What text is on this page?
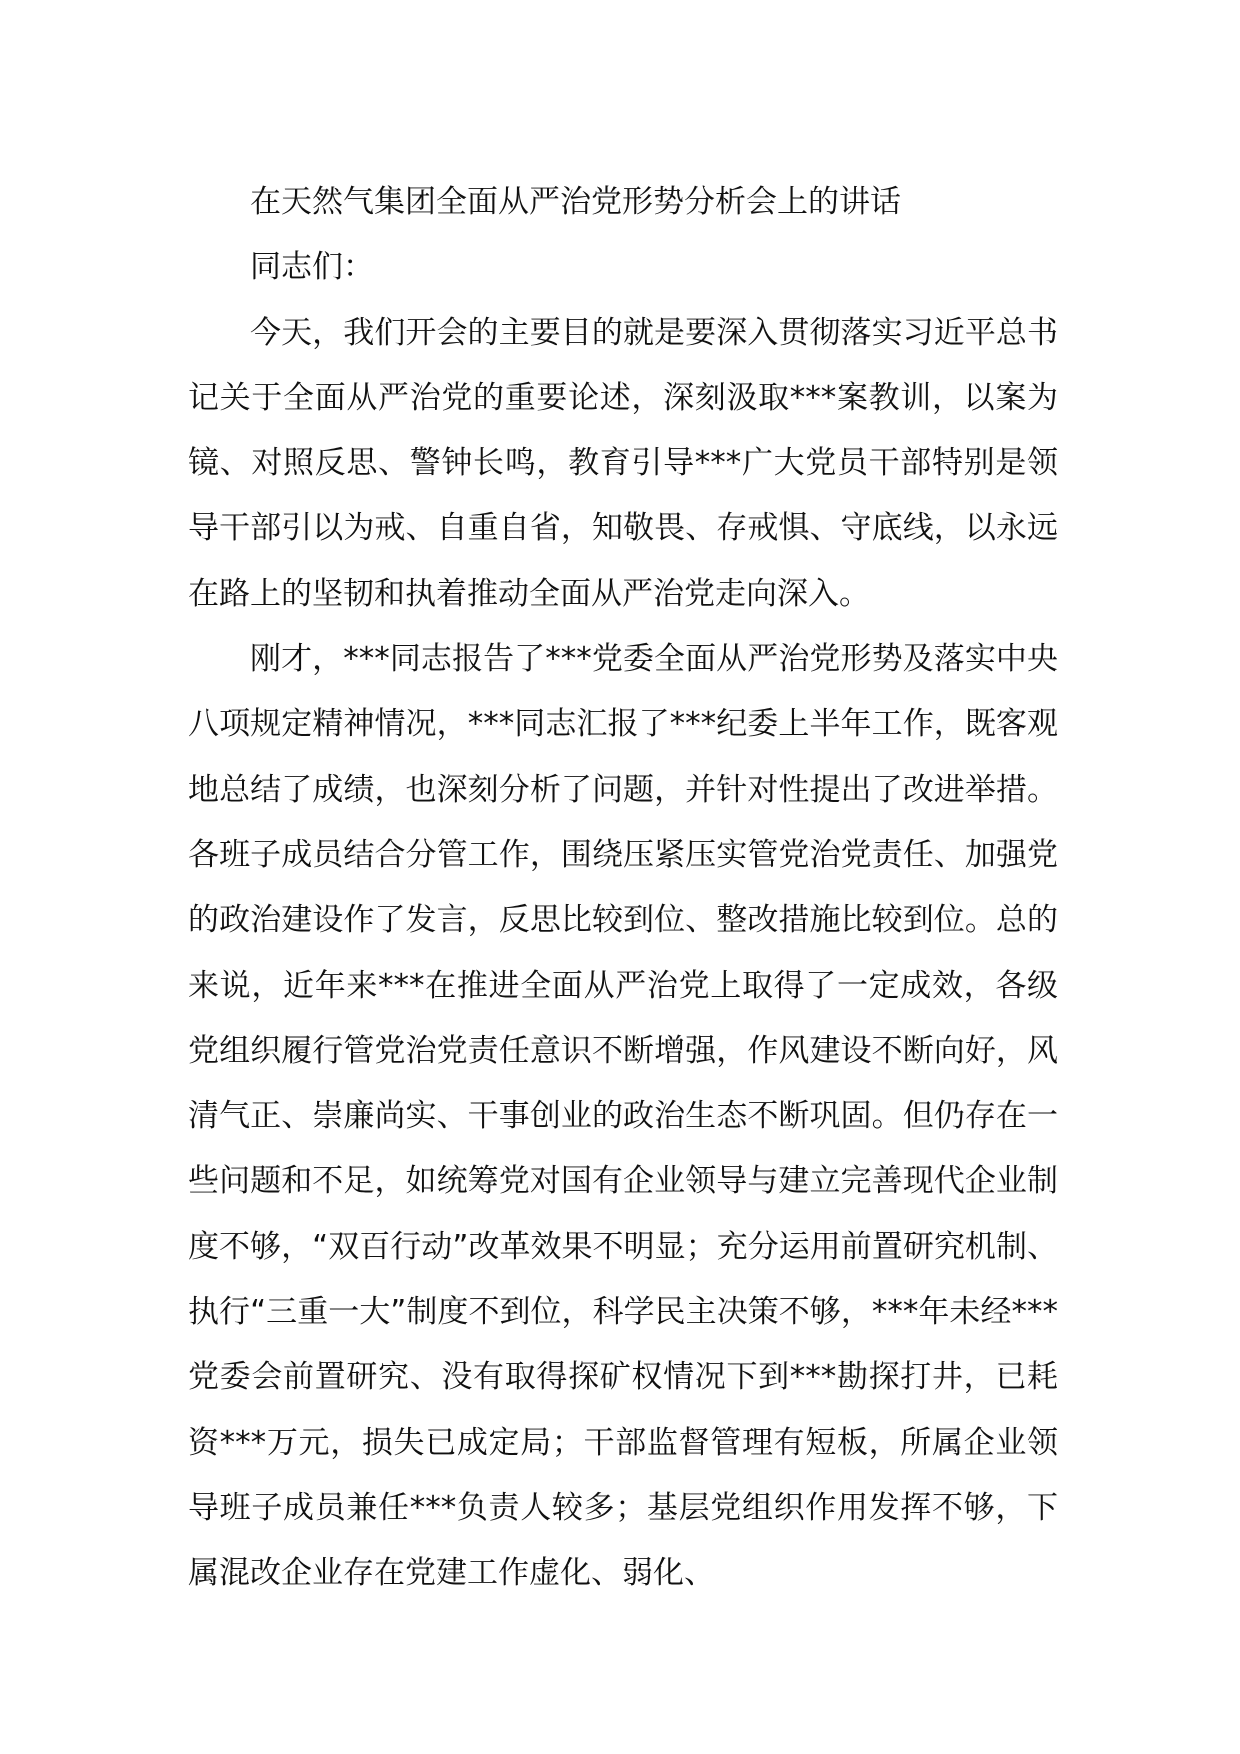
在天然气集团全面从严治党形势分析会上的讲话

同志们：

今天，我们开会的主要目的就是要深入贯彻落实习近平总书记关于全面从严治党的重要论述，深刻汲取***案教训，以案为镜、对照反思、警钟长鸣，教育引导***广大党员干部特别是领导干部引以为戒、自重自省，知敬畏、存戒惧、守底线，以永远在路上的坚韧和执着推动全面从严治党走向深入。

刚才，***同志报告了***党委全面从严治党形势及落实中央八项规定精神情况，***同志汇报了***纪委上半年工作，既客观地总结了成绩，也深刻分析了问题，并针对性提出了改进举措。各班子成员结合分管工作，围绕压紧压实管党治党责任、加强党的政治建设作了发言，反思比较到位、整改措施比较到位。总的来说，近年来***在推进全面从严治党上取得了一定成效，各级党组织履行管党治党责任意识不断增强，作风建设不断向好，风清气正、崇廉尚实、干事创业的政治生态不断巩固。但仍存在一些问题和不足，如统筹党对国有企业领导与建立完善现代企业制度不够，“双百行动”改革效果不明显；充分运用前置研究机制、执行“三重一大”制度不到位，科学民主决策不够，***年未经***党委会前置研究、没有取得探矿权情况下到***勘探打井，已耗资***万元，损失已成定局；干部监督管理有短板，所属企业领导班子成员兼任***负责人较多；基层党组织作用发挥不够，下属混改企业存在党建工作虚化、弱化、
